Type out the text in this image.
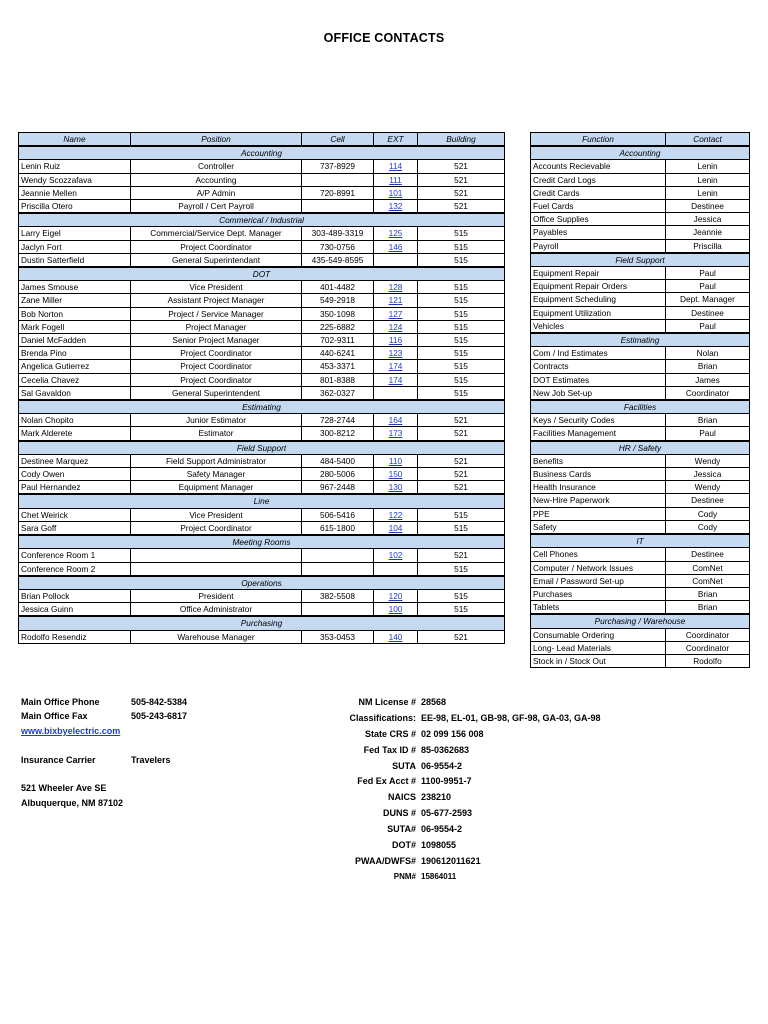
OFFICE CONTACTS
Name	Position	Cell	EXT	Building
Accounting				
Lenin Ruiz	Controller	737-8929	114	521
Wendy Scozzafava	Accounting		111	521
Jeannie Mellen	A/P Admin	720-8991	101	521
Priscilla Otero	Payroll / Cert Payroll		132	521
Commerical / Industrial				
Larry Eigel	Commercial/Service Dept. Manager	303-489-3319	125	515
Jaclyn Fort	Project Coordinator	730-0756	146	515
Dustin Satterfield	General Superintendant	435-549-8595		515
DOT				
James Smouse	Vice President	401-4482	128	515
Zane Miller	Assistant Project Manager	549-2918	121	515
Bob Norton	Project / Service Manager	350-1098	127	515
Mark Fogell	Project Manager	225-6882	124	515
Daniel McFadden	Senior Project Manager	702-9311	116	515
Brenda Pino	Project Coordinator	440-6241	123	515
Angelica Gutierrez	Project Coordinator	453-3371	174	515
Cecelia Chavez	Project Coordinator	801-8388	174	515
Sal Gavaldon	General Superintendent	362-0327		515
Estimating				
Nolan Chopito	Junior Estimator	728-2744	164	521
Mark Alderete	Estimator	300-8212	173	521
Field Support				
Destinee Marquez	Field Support Administrator	484-5400	110	521
Cody Owen	Safety Manager	280-5006	150	521
Paul Hernandez	Equipment Manager	967-2448	130	521
Line				
Chet Weirick	Vice President	506-5416	122	515
Sara Goff	Project Coordinator	615-1800	104	515
Meeting Rooms				
Conference Room 1			102	521
Conference Room 2				515
Operations				
Brian Pollock	President	382-5508	120	515
Jessica Guinn	Office Administrator		100	515
Purchasing				
Rodolfo Resendiz	Warehouse Manager	353-0453	140	521
Function	Contact
Accounting	
Accounts Recievable	Lenin
Credit Card Logs	Lenin
Credit Cards	Lenin
Fuel Cards	Destinee
Office Supplies	Jessica
Payables	Jeannie
Payroll	Priscilla
Field Support	
Equipment Repair	Paul
Equipment Repair Orders	Paul
Equipment Scheduling	Dept. Manager
Equipment Utilization	Destinee
Vehicles	Paul
Estimating	
Com / Ind Estimates	Nolan
Contracts	Brian
DOT Estimates	James
New Job Set-up	Coordinator
Facilities	
Keys / Security Codes	Brian
Facilities Management	Paul
HR / Safety	
Benefits	Wendy
Business Cards	Jessica
Health Insurance	Wendy
New-Hire Paperwork	Destinee
PPE	Cody
Safety	Cody
IT	
Cell Phones	Destinee
Computer / Network Issues	ComNet
Email / Password Set-up	ComNet
Purchases	Brian
Tablets	Brian
Purchasing / Warehouse	
Consumable Ordering	Coordinator
Long- Lead Materials	Coordinator
Stock in / Stock Out	Rodolfo
Main Office Phone	505-842-5384
Main Office Fax	505-243-6817
www.bixbyelectric.com
Insurance Carrier	Travelers
521 Wheeler Ave SE
Albuquerque, NM 87102
NM License # 28568
Classifications: EE-98, EL-01, GB-98, GF-98, GA-03, GA-98
State CRS # 02 099 156 008
Fed Tax ID # 85-0362683
SUTA 06-9554-2
Fed Ex Acct # 1100-9951-7
NAICS 238210
DUNS # 05-677-2593
SUTA# 06-9554-2
DOT# 1098055
PWAA/DWFS# 190612011621
PNM# 15864011
